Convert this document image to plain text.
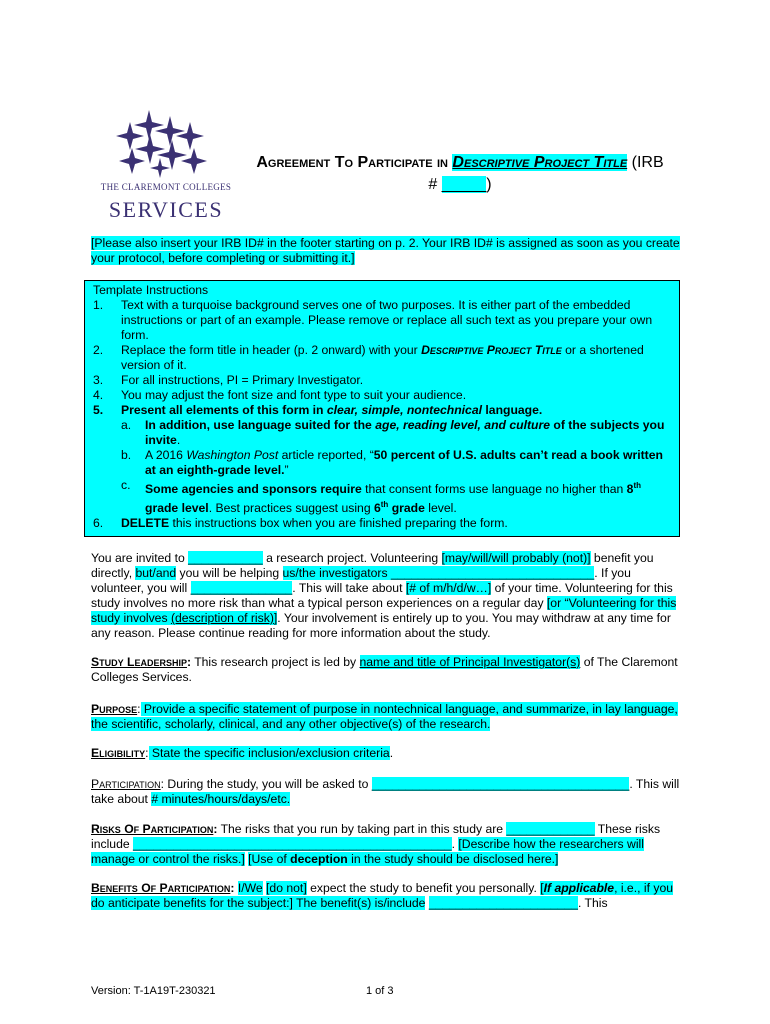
THE CLAREMONT COLLEGES
SERVICES
Agreement To Participate in Descriptive Project Title (IRB # _____)
[Please also insert your IRB ID# in the footer starting on p. 2. Your IRB ID# is assigned as soon as you create your protocol, before completing or submitting it.]
Template Instructions
1. Text with a turquoise background serves one of two purposes. It is either part of the embedded instructions or part of an example. Please remove or replace all such text as you prepare your own form.
2. Replace the form title in header (p. 2 onward) with your Descriptive Project Title or a shortened version of it.
3. For all instructions, PI = Primary Investigator.
4. You may adjust the font size and font type to suit your audience.
5. Present all elements of this form in clear, simple, nontechnical language.
a. In addition, use language suited for the age, reading level, and culture of the subjects you invite.
b. A 2016 Washington Post article reported, “50 percent of U.S. adults can’t read a book written at an eighth-grade level.”
c. Some agencies and sponsors require that consent forms use language no higher than 8th grade level. Best practices suggest using 6th grade level.
6. DELETE this instructions box when you are finished preparing the form.
You are invited to ___________ a research project. Volunteering [may/will/will probably (not)] benefit you directly, but/and you will be helping us/the investigators ______________________________. If you volunteer, you will _______________. This will take about [# of m/h/d/w…] of your time. Volunteering for this study involves no more risk than what a typical person experiences on a regular day [or “Volunteering for this study involves (description of risk)]. Your involvement is entirely up to you. You may withdraw at any time for any reason. Please continue reading for more information about the study.
Study Leadership: This research project is led by name and title of Principal Investigator(s) of The Claremont Colleges Services.
Purpose: Provide a specific statement of purpose in nontechnical language, and summarize, in lay language, the scientific, scholarly, clinical, and any other objective(s) of the research.
Eligibility: State the specific inclusion/exclusion criteria.
Participation: During the study, you will be asked to ______________________________________. This will take about # minutes/hours/days/etc.
Risks Of Participation: The risks that you run by taking part in this study are _____________ These risks include _______________________________________________. [Describe how the researchers will manage or control the risks.] [Use of deception in the study should be disclosed here.]
Benefits Of Participation: I/We [do not] expect the study to benefit you personally. [If applicable, i.e., if you do anticipate benefits for the subject:] The benefit(s) is/include ______________________. This
Version: T-1A19T-230321	1 of 3
